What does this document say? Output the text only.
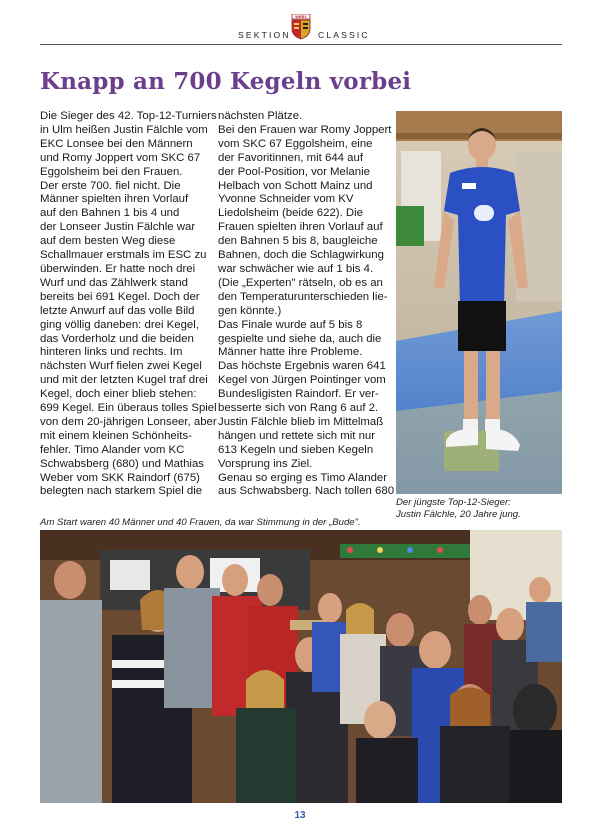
SEKTION
WKBV
CLASSIC
Knapp an 700 Kegeln vorbei

Die Sieger des 42. Top-12-Turniers

in Ulm heißen Justin Fälchle vom

EKC Lonsee bei den Männern

und Romy Joppert vom SKC 67

Eggolsheim bei den Frauen.

Der erste 700. fiel nicht. Die

Männer spielten ihren Vorlauf

auf den Bahnen 1 bis 4 und

der Lonseer Justin Fälchle war

auf dem besten Weg diese

Schallmauer erstmals im ESC zu

überwinden. Er hatte noch drei

Wurf und das Zählwerk stand

bereits bei 691 Kegel. Doch der

letzte Anwurf auf das volle Bild

ging völlig daneben: drei Kegel,

das Vorderholz und die beiden

hinteren links und rechts. Im

nächsten Wurf fielen zwei Kegel

und mit der letzten Kugel traf drei

Kegel, doch einer blieb stehen:

699 Kegel. Ein überaus tolles Spiel

von dem 20-jährigen Lonseer, aber

mit einem kleinen Schönheits-

fehler. Timo Alander vom KC

Schwabsberg (680) und Mathias

Weber vom SKK Raindorf (675)

belegten nach starkem Spiel die

nächsten Plätze.

Bei den Frauen war Romy Joppert

vom SKC 67 Eggolsheim, eine

der Favoritinnen, mit 644 auf

der Pool-Position, vor Melanie

Helbach von Schott Mainz und

Yvonne Schneider vom KV

Liedolsheim (beide 622). Die

Frauen spielten ihren Vorlauf auf

den Bahnen 5 bis 8, baugleiche

Bahnen, doch die Schlagwirkung

war schwächer wie auf 1 bis 4.

(Die „Experten" rätseln, ob es an

den Temperaturunterschieden lie-

gen könnte.)

Das Finale wurde auf 5 bis 8

gespielte und siehe da, auch die

Männer hatte ihre Probleme.

Das höchste Ergebnis waren 641

Kegel von Jürgen Pointinger vom

Bundesligisten Raindorf. Er ver-

besserte sich von Rang 6 auf 2.

Justin Fälchle blieb im Mittelmaß

hängen und rettete sich mit nur

613 Kegeln und sieben Kegeln

Vorsprung ins Ziel.

Genau so erging es Timo Alander

aus Schwabsberg. Nach tollen 680

Der jüngste Top-12-Sieger:
Justin Fälchle, 20 Jahre jung.
Am Start waren 40 Männer und 40 Frauen, da war Stimmung in der „Bude".
13
